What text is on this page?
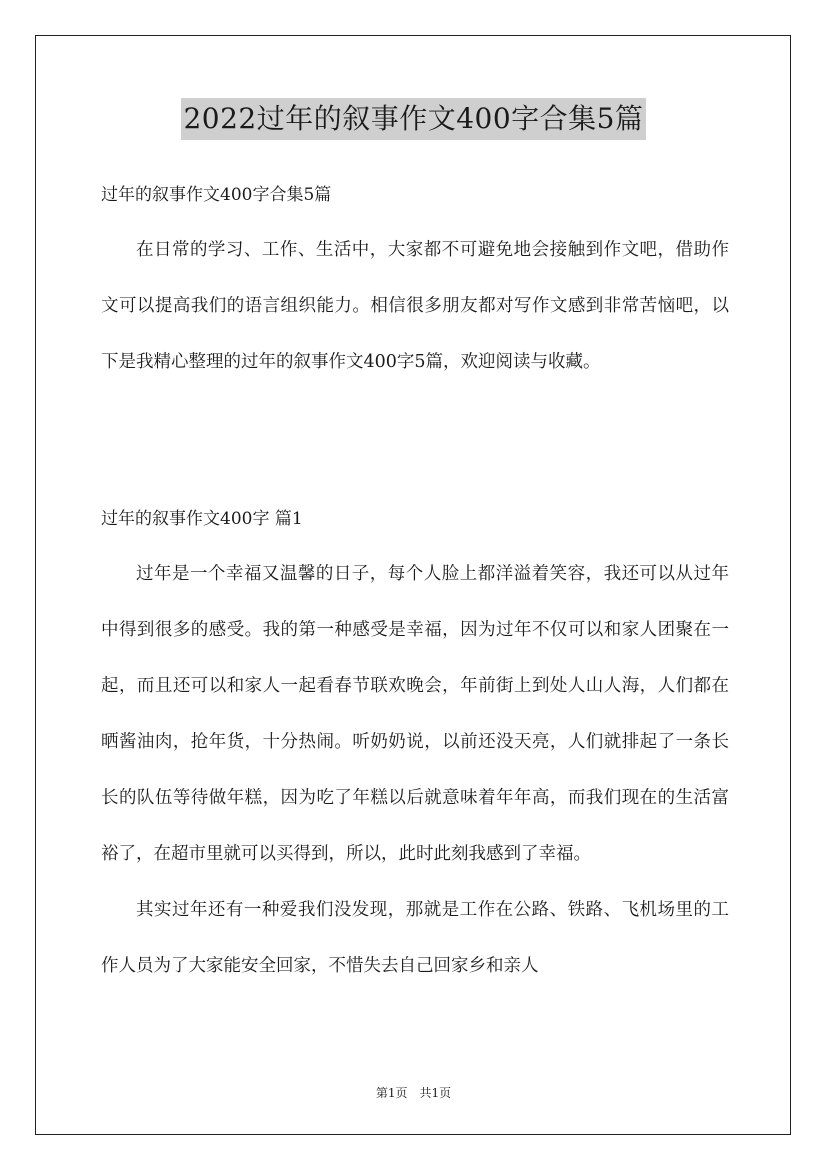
2022过年的叙事作文400字合集5篇
过年的叙事作文400字合集5篇

在日常的学习、工作、生活中，大家都不可避免地会接触到作文吧，借助作文可以提高我们的语言组织能力。相信很多朋友都对写作文感到非常苦恼吧，以下是我精心整理的过年的叙事作文400字5篇，欢迎阅读与收藏。

过年的叙事作文400字 篇1

过年是一个幸福又温馨的日子，每个人脸上都洋溢着笑容，我还可以从过年中得到很多的感受。我的第一种感受是幸福，因为过年不仅可以和家人团聚在一起，而且还可以和家人一起看春节联欢晚会，年前街上到处人山人海，人们都在晒酱油肉，抢年货，十分热闹。听奶奶说，以前还没天亮，人们就排起了一条长长的队伍等待做年糕，因为吃了年糕以后就意味着年年高，而我们现在的生活富裕了，在超市里就可以买得到，所以，此时此刻我感到了幸福。

其实过年还有一种爱我们没发现，那就是工作在公路、铁路、飞机场里的工作人员为了大家能安全回家，不惜失去自己回家乡和亲人

第1页　共1页
